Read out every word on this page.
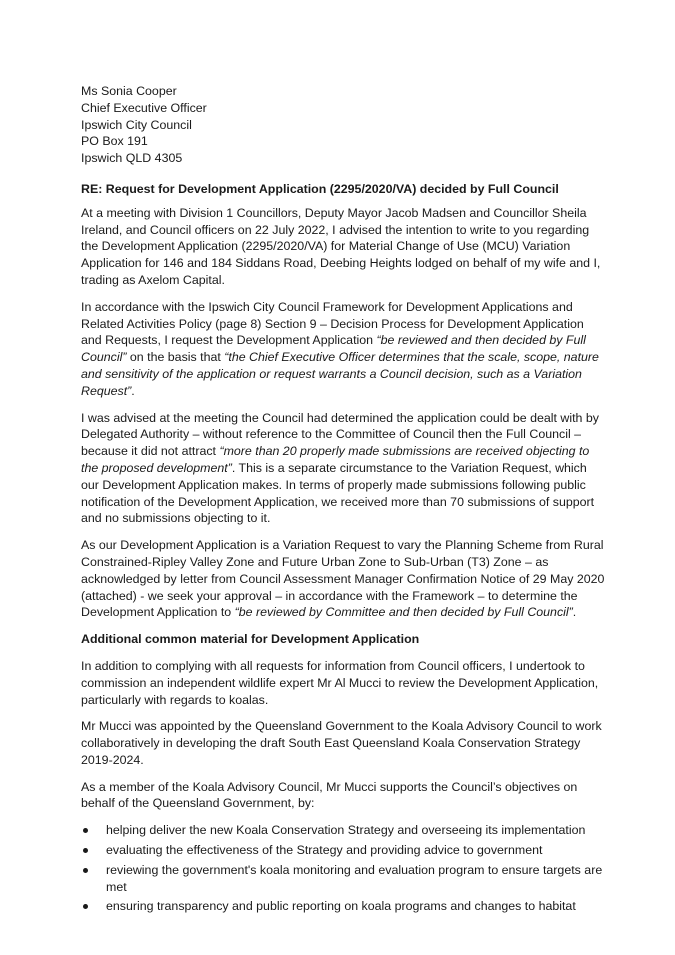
Ms Sonia Cooper
Chief Executive Officer
Ipswich City Council
PO Box 191
Ipswich QLD 4305
RE: Request for Development Application (2295/2020/VA) decided by Full Council

At a meeting with Division 1 Councillors, Deputy Mayor Jacob Madsen and Councillor Sheila Ireland, and Council officers on 22 July 2022, I advised the intention to write to you regarding the Development Application (2295/2020/VA) for Material Change of Use (MCU) Variation Application for 146 and 184 Siddans Road, Deebing Heights lodged on behalf of my wife and I, trading as Axelom Capital.

In accordance with the Ipswich City Council Framework for Development Applications and Related Activities Policy (page 8) Section 9 – Decision Process for Development Application and Requests, I request the Development Application “be reviewed and then decided by Full Council” on the basis that “the Chief Executive Officer determines that the scale, scope, nature and sensitivity of the application or request warrants a Council decision, such as a Variation Request”.

I was advised at the meeting the Council had determined the application could be dealt with by Delegated Authority – without reference to the Committee of Council then the Full Council – because it did not attract “more than 20 properly made submissions are received objecting to the proposed development”. This is a separate circumstance to the Variation Request, which our Development Application makes. In terms of properly made submissions following public notification of the Development Application, we received more than 70 submissions of support and no submissions objecting to it.

As our Development Application is a Variation Request to vary the Planning Scheme from Rural Constrained-Ripley Valley Zone and Future Urban Zone to Sub-Urban (T3) Zone – as acknowledged by letter from Council Assessment Manager Confirmation Notice of 29 May 2020 (attached) - we seek your approval – in accordance with the Framework – to determine the Development Application to “be reviewed by Committee and then decided by Full Council”.

Additional common material for Development Application

In addition to complying with all requests for information from Council officers, I undertook to commission an independent wildlife expert Mr Al Mucci to review the Development Application, particularly with regards to koalas.

Mr Mucci was appointed by the Queensland Government to the Koala Advisory Council to work collaboratively in developing the draft South East Queensland Koala Conservation Strategy 2019-2024.

As a member of the Koala Advisory Council, Mr Mucci supports the Council’s objectives on behalf of the Queensland Government, by:

helping deliver the new Koala Conservation Strategy and overseeing its implementation
evaluating the effectiveness of the Strategy and providing advice to government
reviewing the government's koala monitoring and evaluation program to ensure targets are met
ensuring transparency and public reporting on koala programs and changes to habitat
